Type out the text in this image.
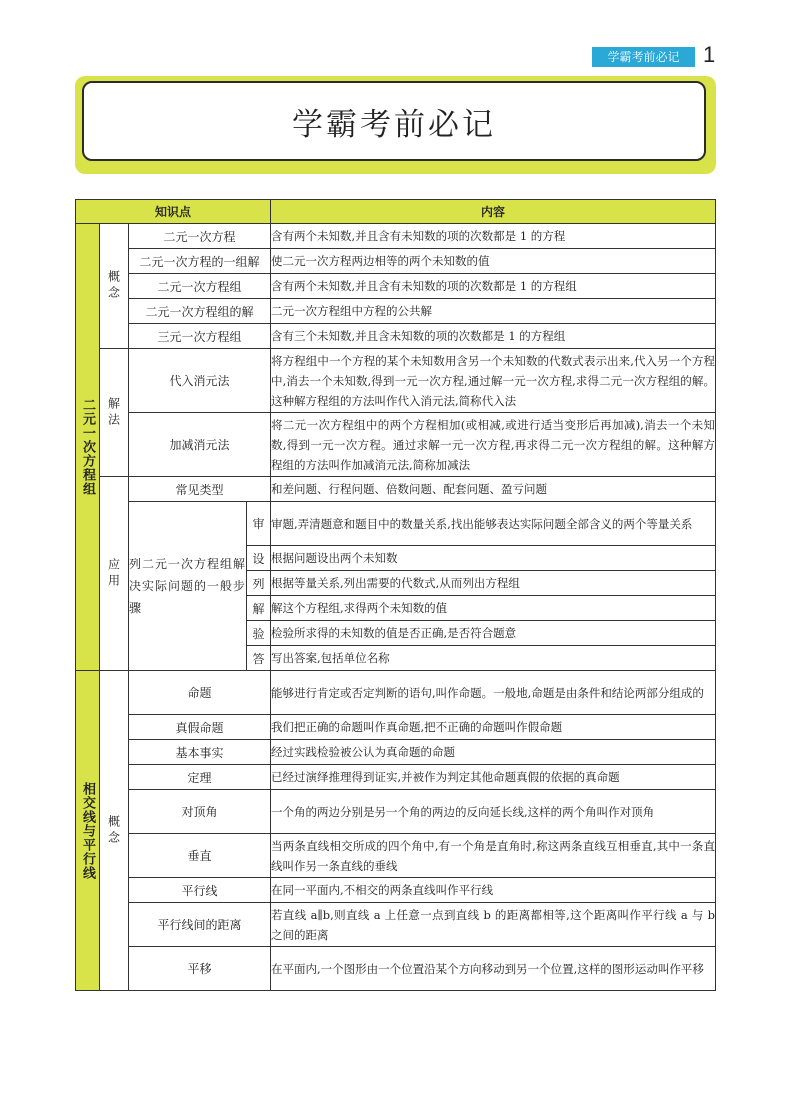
学霸考前必记	1
学霸考前必记
知识点				内容

二元一次方程组	概念	二元一次方程		含有两个未知数,并且含有未知数的项的次数都是 1 的方程
		二元一次方程的一组解		使二元一次方程两边相等的两个未知数的值
		二元一次方程组		含有两个未知数,并且含有未知数的项的次数都是 1 的方程组
		二元一次方程组的解		二元一次方程组中方程的公共解
		三元一次方程组		含有三个未知数,并且含未知数的项的次数都是 1 的方程组

	解法	代入消元法		将方程组中一个方程的某个未知数用含另一个未知数的代数式表示出来,代入另一个方程中,消去一个未知数,得到一元一次方程,通过解一元一次方程,求得二元一次方程组的解。这种解方程组的方法叫作代入消元法,简称代入法
		加减消元法		将二元一次方程组中的两个方程相加(或相减,或进行适当变形后再加减),消去一个未知数,得到一元一次方程。通过求解一元一次方程,再求得二元一次方程组的解。这种解方程组的方法叫作加减消元法,简称加减法

	应用	常见类型		和差问题、行程问题、倍数问题、配套问题、盈亏问题
		列二元一次方程组解决实际问题的一般步骤	审	审题,弄清题意和题目中的数量关系,找出能够表达实际问题全部含义的两个等量关系
			设	根据问题设出两个未知数
			列	根据等量关系,列出需要的代数式,从而列出方程组
			解	解这个方程组,求得两个未知数的值
			验	检验所求得的未知数的值是否正确,是否符合题意
			答	写出答案,包括单位名称

相交线与平行线	概念	命题		能够进行肯定或否定判断的语句,叫作命题。一般地,命题是由条件和结论两部分组成的
		真假命题		我们把正确的命题叫作真命题,把不正确的命题叫作假命题
		基本事实		经过实践检验被公认为真命题的命题
		定理		已经过演绎推理得到证实,并被作为判定其他命题真假的依据的真命题
		对顶角		一个角的两边分别是另一个角的两边的反向延长线,这样的两个角叫作对顶角
		垂直		当两条直线相交所成的四个角中,有一个角是直角时,称这两条直线互相垂直,其中一条直线叫作另一条直线的垂线
		平行线		在同一平面内,不相交的两条直线叫作平行线
		平行线间的距离		若直线 a∥b,则直线 a 上任意一点到直线 b 的距离都相等,这个距离叫作平行线 a 与 b 之间的距离
		平移		在平面内,一个图形由一个位置沿某个方向移动到另一个位置,这样的图形运动叫作平移
